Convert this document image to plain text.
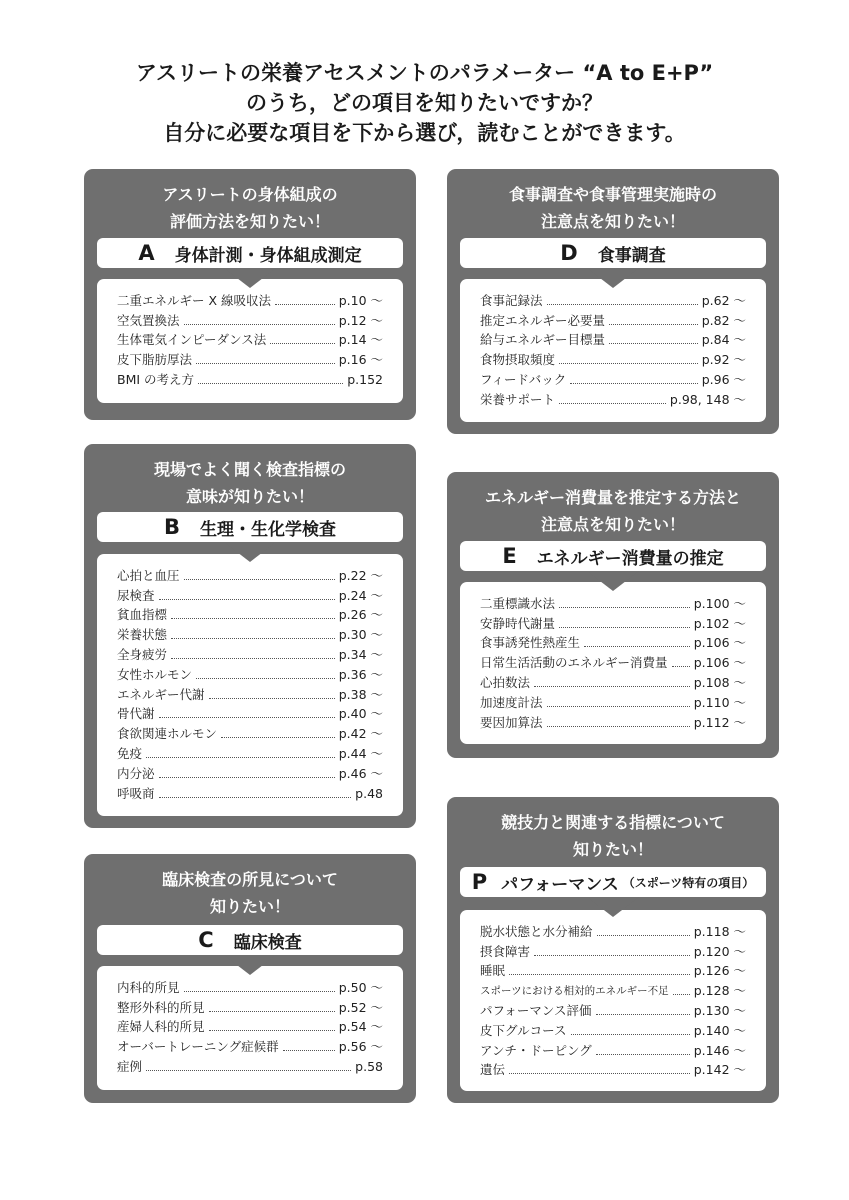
アスリートの栄養アセスメントのパラメーター “A to E+P”
のうち，どの項目を知りたいですか？
自分に必要な項目を下から選び，読むことができます。
アスリートの身体組成の
評価方法を知りたい！
二重エネルギー X 線吸収法	p.10 〜
空気置換法	p.12 〜
生体電気インピーダンス法	p.14 〜
皮下脂肪厚法	p.16 〜
BMI の考え方	p.152
A 身体計測・身体組成測定
現場でよく聞く検査指標の
意味が知りたい！
心拍と血圧	p.22 〜
尿検査	p.24 〜
貧血指標	p.26 〜
栄養状態	p.30 〜
全身疲労	p.34 〜
女性ホルモン	p.36 〜
エネルギー代謝	p.38 〜
骨代謝	p.40 〜
食欲関連ホルモン	p.42 〜
免疫	p.44 〜
内分泌	p.46 〜
呼吸商	p.48
B 生理・生化学検査
臨床検査の所見について
知りたい！
内科的所見	p.50 〜
整形外科的所見	p.52 〜
産婦人科的所見	p.54 〜
オーバートレーニング症候群	p.56 〜
症例	p.58
C 臨床検査
食事調査や食事管理実施時の
注意点を知りたい！
食事記録法	p.62 〜
推定エネルギー必要量	p.82 〜
給与エネルギー目標量	p.84 〜
食物摂取頻度	p.92 〜
フィードバック	p.96 〜
栄養サポート	p.98, 148 〜
D 食事調査
エネルギー消費量を推定する方法と
注意点を知りたい！
二重標識水法	p.100 〜
安静時代謝量	p.102 〜
食事誘発性熱産生	p.106 〜
日常生活活動のエネルギー消費量 p.106 〜
心拍数法	p.108 〜
加速度計法	p.110 〜
要因加算法	p.112 〜
E エネルギー消費量の推定
競技力と関連する指標について
知りたい！
脱水状態と水分補給	p.118 〜
摂食障害	p.120 〜
睡眠	p.126 〜
スポーツにおける相対的エネルギー不足 p.128 〜
パフォーマンス評価	p.130 〜
皮下グルコース	p.140 〜
アンチ・ドーピング	p.146 〜
遺伝	p.142 〜
P パフォーマンス （スポーツ特有の項目）
